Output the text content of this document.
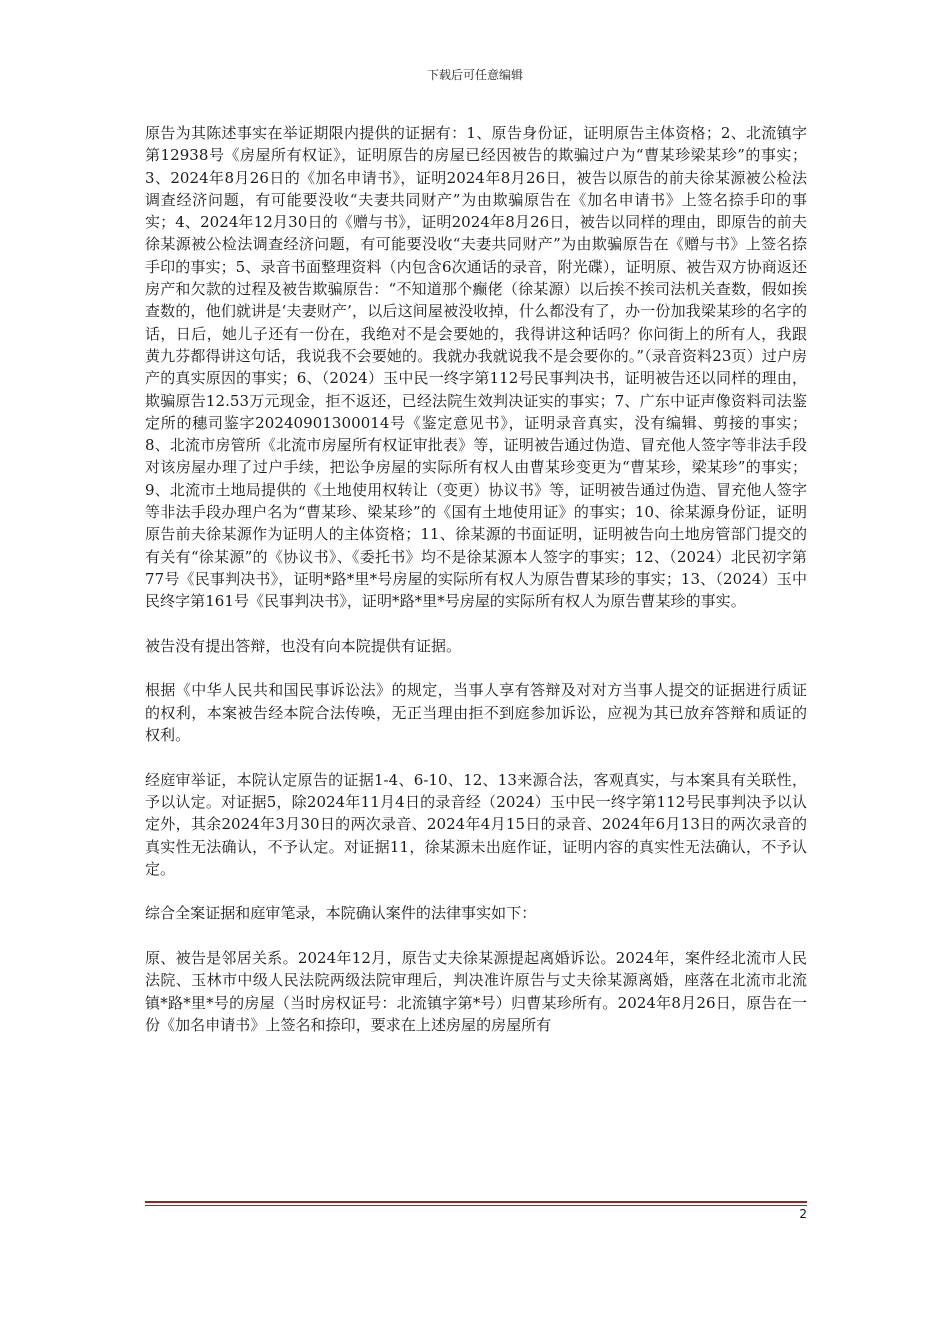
下载后可任意编辑

原告为其陈述事实在举证期限内提供的证据有：1、原告身份证，证明原告主体资格；2、北流镇字第12938号《房屋所有权证》，证明原告的房屋已经因被告的欺骗过户为“曹某珍梁某珍”的事实；3、2024年8月26日的《加名申请书》，证明2024年8月26日，被告以原告的前夫徐某源被公检法调查经济问题，有可能要没收“夫妻共同财产”为由欺骗原告在《加名申请书》上签名捺手印的事实；4、2024年12月30日的《赠与书》，证明2024年8月26日，被告以同样的理由，即原告的前夫徐某源被公检法调查经济问题，有可能要没收“夫妻共同财产”为由欺骗原告在《赠与书》上签名捺手印的事实；5、录音书面整理资料（内包含6次通话的录音，附光碟），证明原、被告双方协商返还房产和欠款的过程及被告欺骗原告：“不知道那个癫佬（徐某源）以后挨不挨司法机关查数，假如挨查数的，他们就讲是‘夫妻财产’，以后这间屋被没收掉，什么都没有了，办一份加我梁某珍的名字的话，日后，她儿子还有一份在，我绝对不是会要她的，我得讲这种话吗？你问街上的所有人，我跟黄九芬都得讲这句话，我说我不会要她的。我就办我就说我不是会要你的。”（录音资料23页）过户房产的真实原因的事实；6、（2024）玉中民一终字第112号民事判决书，证明被告还以同样的理由，欺骗原告12.53万元现金，拒不返还，已经法院生效判决证实的事实；7、广东中证声像资料司法鉴定所的穗司鉴字20240901300014号《鉴定意见书》，证明录音真实，没有编辑、剪接的事实；8、北流市房管所《北流市房屋所有权证审批表》等，证明被告通过伪造、冒充他人签字等非法手段对该房屋办理了过户手续，把讼争房屋的实际所有权人由曹某珍变更为“曹某珍，梁某珍”的事实；9、北流市土地局提供的《土地使用权转让（变更）协议书》等，证明被告通过伪造、冒充他人签字等非法手段办理户名为“曹某珍、梁某珍”的《国有土地使用证》的事实；10、徐某源身份证，证明原告前夫徐某源作为证明人的主体资格；11、徐某源的书面证明，证明被告向土地房管部门提交的有关有“徐某源”的《协议书》、《委托书》均不是徐某源本人签字的事实；12、（2024）北民初字第77号《民事判决书》，证明*路*里*号房屋的实际所有权人为原告曹某珍的事实；13、（2024）玉中民终字第161号《民事判决书》，证明*路*里*号房屋的实际所有权人为原告曹某珍的事实。

被告没有提出答辩，也没有向本院提供有证据。

根据《中华人民共和国民事诉讼法》的规定，当事人享有答辩及对对方当事人提交的证据进行质证的权利，本案被告经本院合法传唤，无正当理由拒不到庭参加诉讼，应视为其已放弃答辩和质证的权利。

经庭审举证，本院认定原告的证据1-4、6-10、12、13来源合法，客观真实，与本案具有关联性，予以认定。对证据5，除2024年11月4日的录音经（2024）玉中民一终字第112号民事判决予以认定外，其余2024年3月30日的两次录音、2024年4月15日的录音、2024年6月13日的两次录音的真实性无法确认，不予认定。对证据11，徐某源未出庭作证，证明内容的真实性无法确认，不予认定。

综合全案证据和庭审笔录，本院确认案件的法律事实如下：

原、被告是邻居关系。2024年12月，原告丈夫徐某源提起离婚诉讼。2024年，案件经北流市人民法院、玉林市中级人民法院两级法院审理后，判决准许原告与丈夫徐某源离婚，座落在北流市北流镇*路*里*号的房屋（当时房权证号：北流镇字第*号）归曹某珍所有。2024年8月26日，原告在一份《加名申请书》上签名和捺印，要求在上述房屋的房屋所有

2
